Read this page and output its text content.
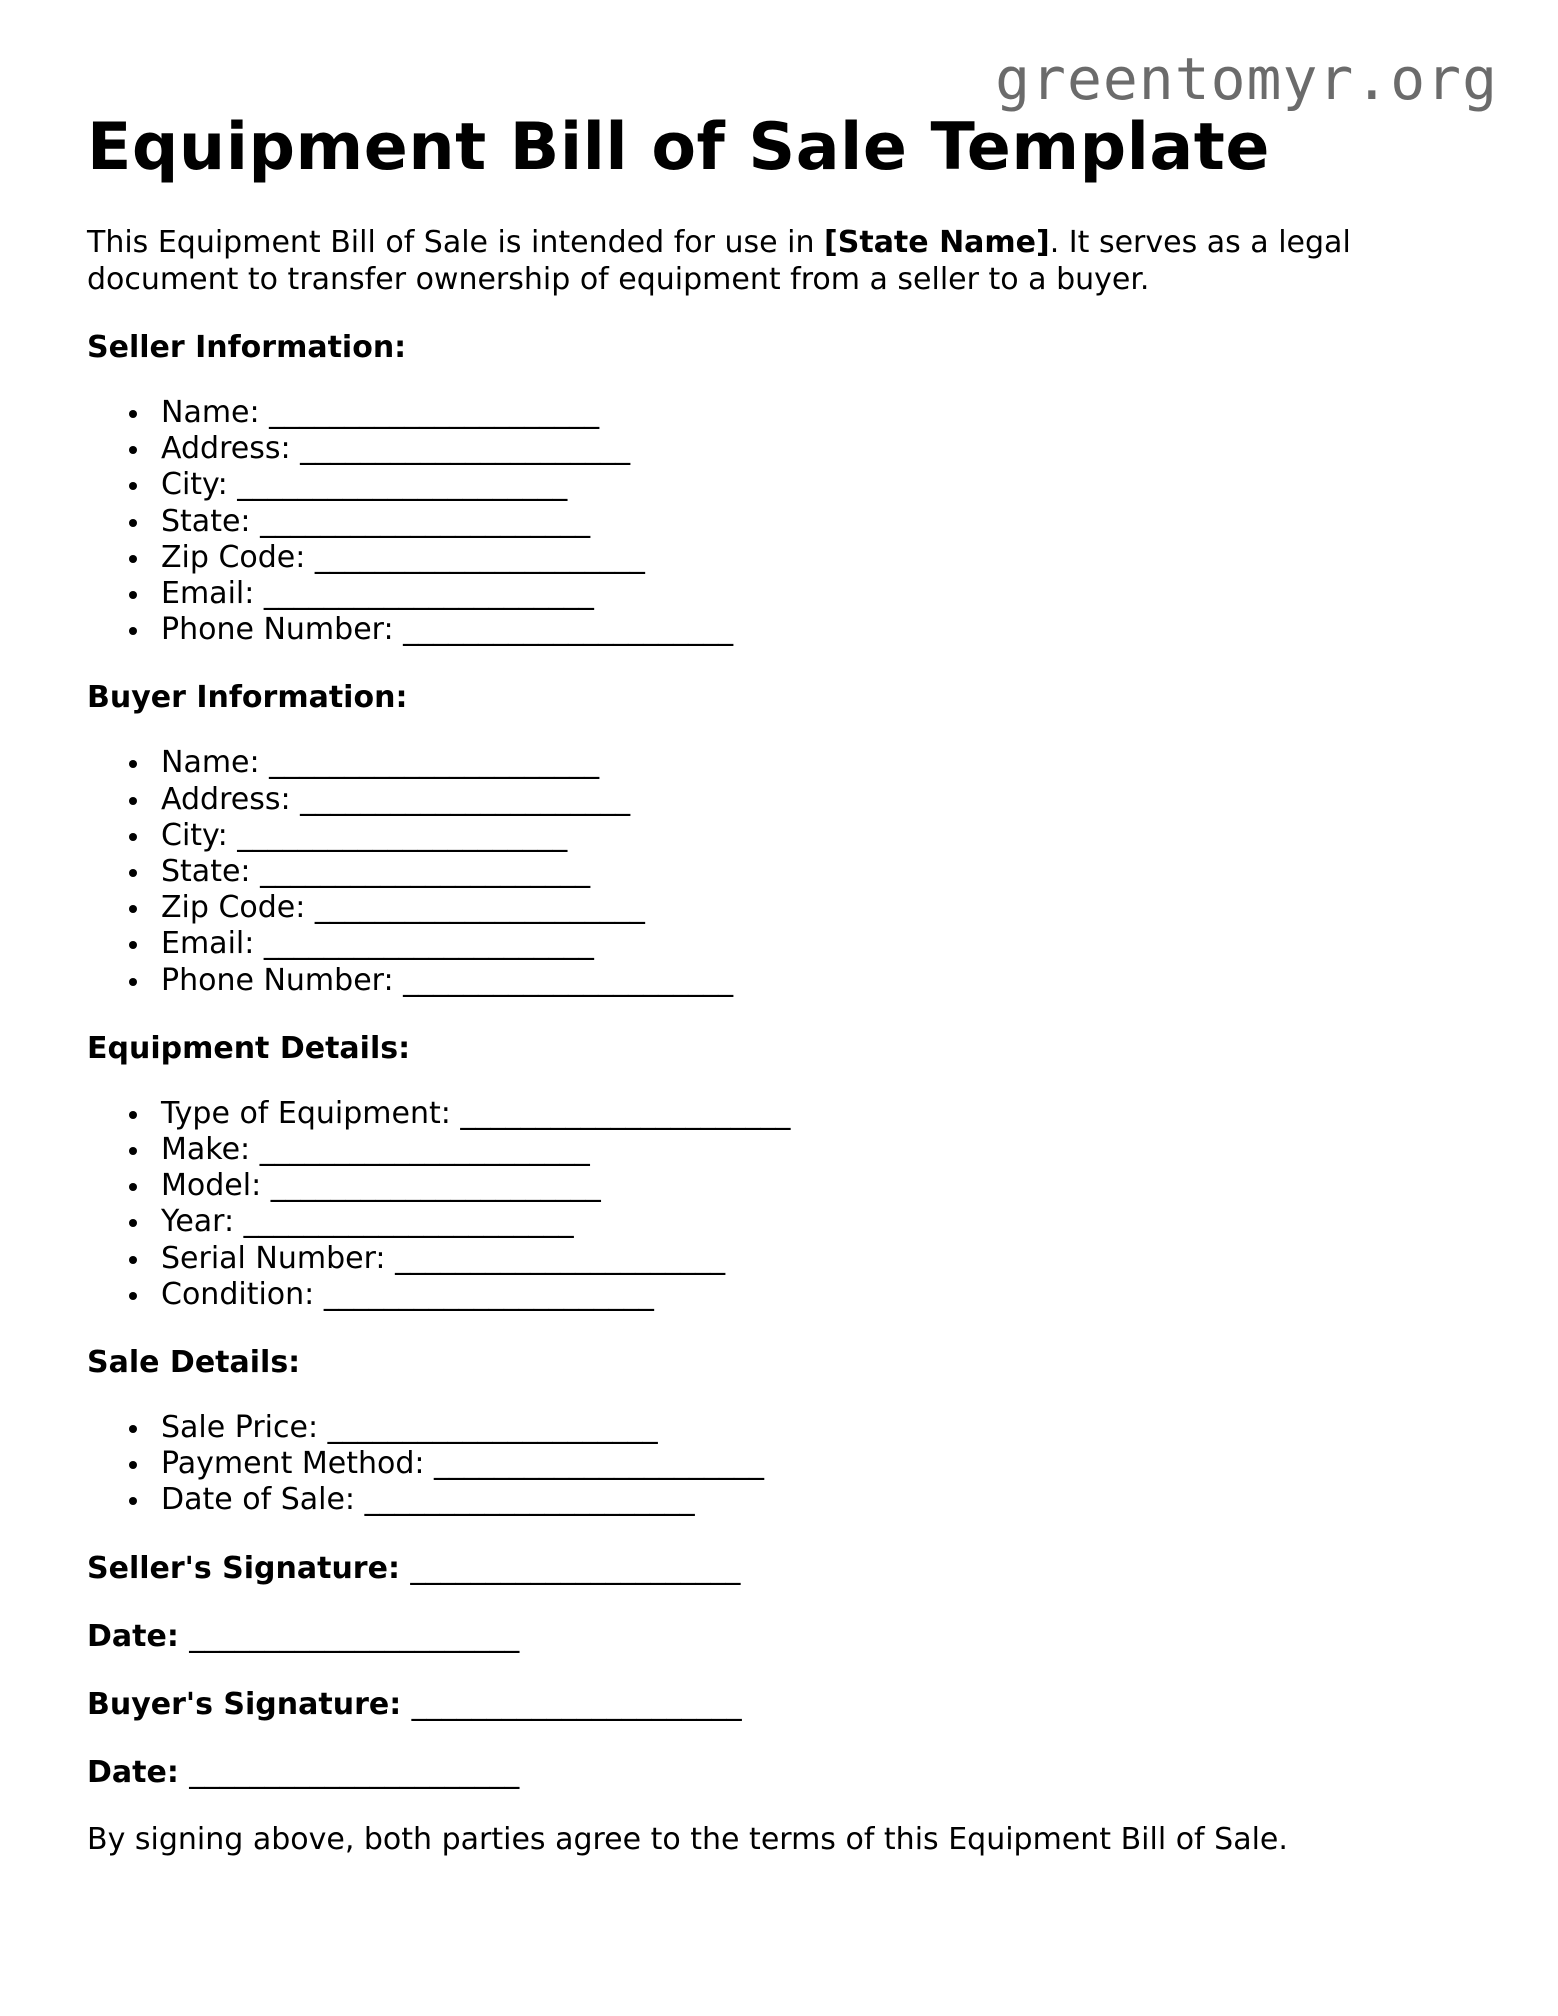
greentomyr.org
Equipment Bill of Sale Template

This Equipment Bill of Sale is intended for use in [State Name]. It serves as a legal document to transfer ownership of equipment from a seller to a buyer.

Seller Information:
Name: ______________________
Address: ______________________
City: ______________________
State: ______________________
Zip Code: ______________________
Email: ______________________
Phone Number: ______________________
Buyer Information:
Name: ______________________
Address: ______________________
City: ______________________
State: ______________________
Zip Code: ______________________
Email: ______________________
Phone Number: ______________________
Equipment Details:
Type of Equipment: ______________________
Make: ______________________
Model: ______________________
Year: ______________________
Serial Number: ______________________
Condition: ______________________
Sale Details:
Sale Price: ______________________
Payment Method: ______________________
Date of Sale: ______________________

Seller's Signature: ______________________

Date: ______________________

Buyer's Signature: ______________________

Date: ______________________

By signing above, both parties agree to the terms of this Equipment Bill of Sale.
